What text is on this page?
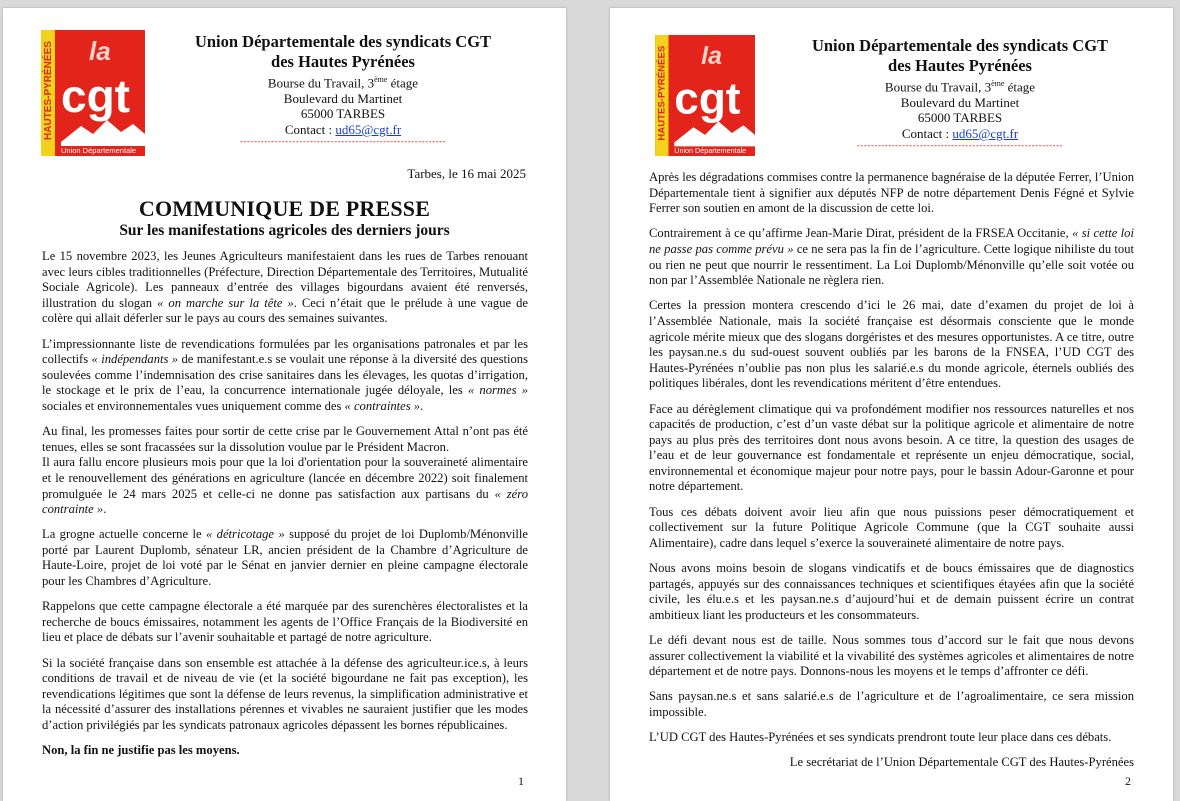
HAUTES-PYRÉNÉES la
cgt
Union Départementale
Union Départementale des syndicats CGT
des Hautes Pyrénées
Bourse du Travail, 3ème étage
Boulevard du Martinet
65000 TARBES
Contact : ud65@cgt.fr
-----------------------------------------------------------
Tarbes, le 16 mai 2025
COMMUNIQUE DE PRESSE
Sur les manifestations agricoles des derniers jours

Le 15 novembre 2023, les Jeunes Agriculteurs manifestaient dans les rues de Tarbes renouant avec leurs cibles traditionnelles (Préfecture, Direction Départementale des Territoires, Mutualité Sociale Agricole). Les panneaux d’entrée des villages bigourdans avaient été renversés, illustration du slogan « on marche sur la tête ». Ceci n’était que le prélude à une vague de colère qui allait déferler sur le pays au cours des semaines suivantes.

L’impressionnante liste de revendications formulées par les organisations patronales et par les collectifs « indépendants » de manifestant.e.s se voulait une réponse à la diversité des questions soulevées comme l’indemnisation des crise sanitaires dans les élevages, les quotas d’irrigation, le stockage et le prix de l’eau, la concurrence internationale jugée déloyale, les « normes » sociales et environnementales vues uniquement comme des « contraintes ».

Au final, les promesses faites pour sortir de cette crise par le Gouvernement Attal n’ont pas été tenues, elles se sont fracassées sur la dissolution voulue par le Président Macron.

Il aura fallu encore plusieurs mois pour que la loi d'orientation pour la souveraineté alimentaire et le renouvellement des générations en agriculture (lancée en décembre 2022) soit finalement promulguée le 24 mars 2025 et celle-ci ne donne pas satisfaction aux partisans du « zéro contrainte ».

La grogne actuelle concerne le « détricotage » supposé du projet de loi Duplomb/Ménonville porté par Laurent Duplomb, sénateur LR, ancien président de la Chambre d’Agriculture de Haute-Loire, projet de loi voté par le Sénat en janvier dernier en pleine campagne électorale pour les Chambres d’Agriculture.

Rappelons que cette campagne électorale a été marquée par des surenchères électoralistes et la recherche de boucs émissaires, notamment les agents de l’Office Français de la Biodiversité en lieu et place de débats sur l’avenir souhaitable et partagé de notre agriculture.

Si la société française dans son ensemble est attachée à la défense des agriculteur.ice.s, à leurs conditions de travail et de niveau de vie (et la société bigourdane ne fait pas exception), les revendications légitimes que sont la défense de leurs revenus, la simplification administrative et la nécessité d’assurer des installations pérennes et vivables ne sauraient justifier que les modes d’action privilégiés par les syndicats patronaux agricoles dépassent les bornes républicaines.

Non, la fin ne justifie pas les moyens.

1
HAUTES-PYRÉNÉES la
cgt
Union Départementale
Union Départementale des syndicats CGT
des Hautes Pyrénées
Bourse du Travail, 3ème étage
Boulevard du Martinet
65000 TARBES
Contact : ud65@cgt.fr
-----------------------------------------------------------

Après les dégradations commises contre la permanence bagnéraise de la députée Ferrer, l’Union Départementale tient à signifier aux députés NFP de notre département Denis Fégné et Sylvie Ferrer son soutien en amont de la discussion de cette loi.

Contrairement à ce qu’affirme Jean-Marie Dirat, président de la FRSEA Occitanie, « si cette loi ne passe pas comme prévu » ce ne sera pas la fin de l’agriculture. Cette logique nihiliste du tout ou rien ne peut que nourrir le ressentiment. La Loi Duplomb/Ménonville qu’elle soit votée ou non par l’Assemblée Nationale ne règlera rien.

Certes la pression montera crescendo d’ici le 26 mai, date d’examen du projet de loi à l’Assemblée Nationale, mais la société française est désormais consciente que le monde agricole mérite mieux que des slogans dorgéristes et des mesures opportunistes. A ce titre, outre les paysan.ne.s du sud-ouest souvent oubliés par les barons de la FNSEA, l’UD CGT des Hautes-Pyrénées n’oublie pas non plus les salarié.e.s du monde agricole, éternels oubliés des politiques libérales, dont les revendications méritent d’être entendues.

Face au dérèglement climatique qui va profondément modifier nos ressources naturelles et nos capacités de production, c’est d’un vaste débat sur la politique agricole et alimentaire de notre pays au plus près des territoires dont nous avons besoin. A ce titre, la question des usages de l’eau et de leur gouvernance est fondamentale et représente un enjeu démocratique, social, environnemental et économique majeur pour notre pays, pour le bassin Adour-Garonne et pour notre département.

Tous ces débats doivent avoir lieu afin que nous puissions peser démocratiquement et collectivement sur la future Politique Agricole Commune (que la CGT souhaite aussi Alimentaire), cadre dans lequel s’exerce la souveraineté alimentaire de notre pays.

Nous avons moins besoin de slogans vindicatifs et de boucs émissaires que de diagnostics partagés, appuyés sur des connaissances techniques et scientifiques étayées afin que la société civile, les élu.e.s et les paysan.ne.s d’aujourd’hui et de demain puissent écrire un contrat ambitieux liant les producteurs et les consommateurs.

Le défi devant nous est de taille. Nous sommes tous d’accord sur le fait que nous devons assurer collectivement la viabilité et la vivabilité des systèmes agricoles et alimentaires de notre département et de notre pays. Donnons-nous les moyens et le temps d’affronter ce défi.

Sans paysan.ne.s et sans salarié.e.s de l’agriculture et de l’agroalimentaire, ce sera mission impossible.

L’UD CGT des Hautes-Pyrénées et ses syndicats prendront toute leur place dans ces débats.

Le secrétariat de l’Union Départementale CGT des Hautes-Pyrénées

2
